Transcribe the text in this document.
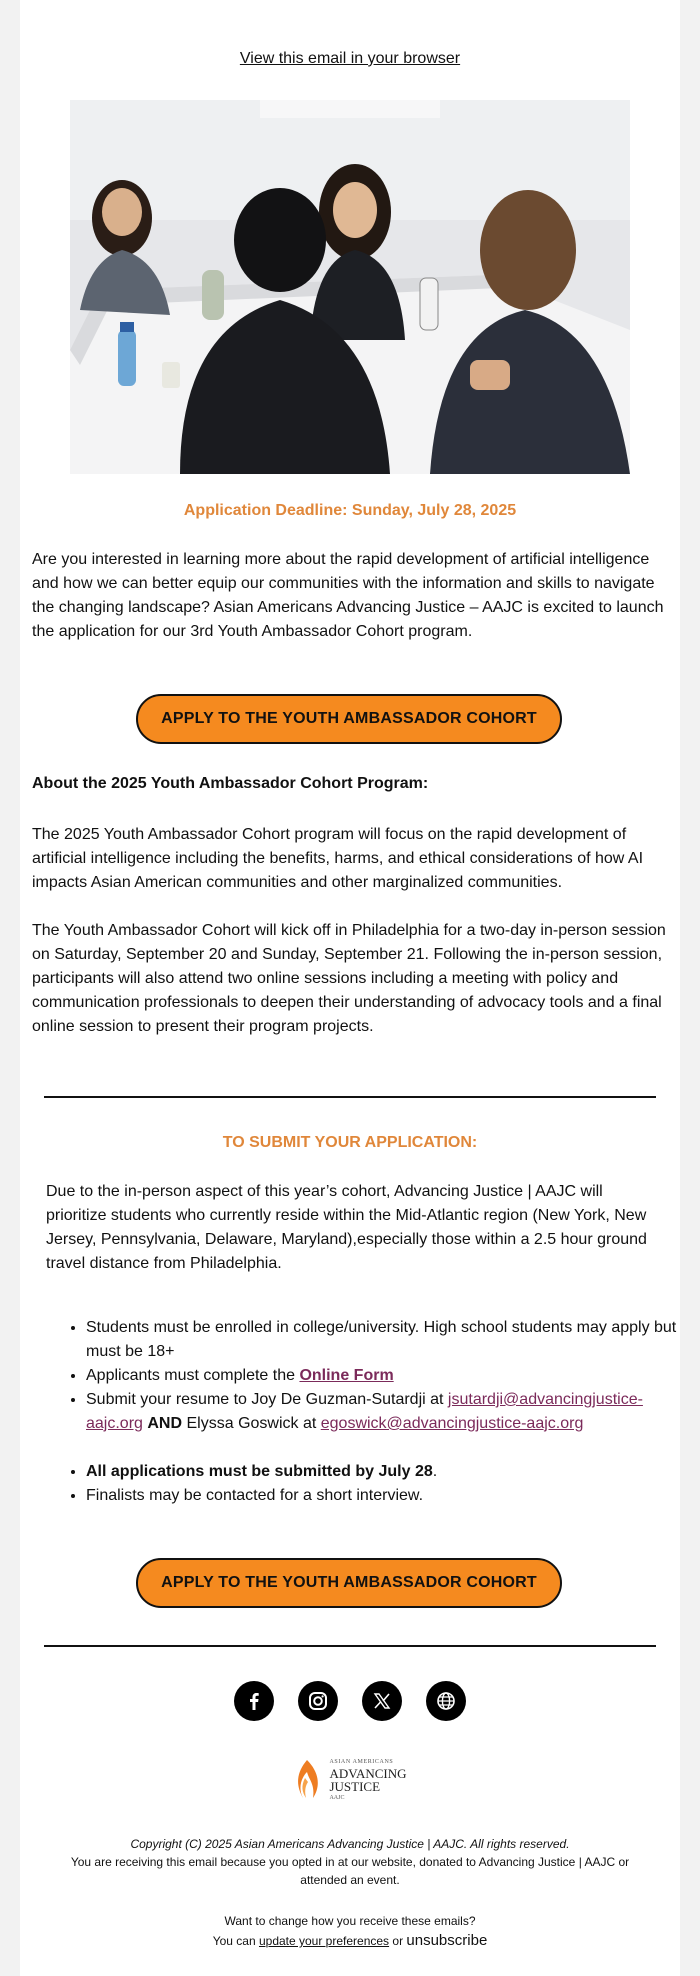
View this email in your browser
Application Deadline: Sunday, July 28, 2025
Are you interested in learning more about the rapid development of artificial intelligence and how we can better equip our communities with the information and skills to navigate the changing landscape? Asian Americans Advancing Justice – AAJC is excited to launch the application for our 3rd Youth Ambassador Cohort program.
APPLY TO THE YOUTH AMBASSADOR COHORT
About the 2025 Youth Ambassador Cohort Program:
The 2025 Youth Ambassador Cohort program will focus on the rapid development of artificial intelligence including the benefits, harms, and ethical considerations of how AI impacts Asian American communities and other marginalized communities.
The Youth Ambassador Cohort will kick off in Philadelphia for a two-day in-person session on Saturday, September 20 and Sunday, September 21. Following the in-person session, participants will also attend two online sessions including a meeting with policy and communication professionals to deepen their understanding of advocacy tools and a final online session to present their program projects.
TO SUBMIT YOUR APPLICATION:
Due to the in-person aspect of this year’s cohort, Advancing Justice | AAJC will prioritize students who currently reside within the Mid-Atlantic region (New York, New Jersey, Pennsylvania, Delaware, Maryland),especially those within a 2.5 hour ground travel distance from Philadelphia.
• Students must be enrolled in college/university. High school students may apply but must be 18+
• Applicants must complete the Online Form
• Submit your resume to Joy De Guzman-Sutardji at jsutardji@advancingjustice-aajc.org AND Elyssa Goswick at egoswick@advancingjustice-aajc.org
• All applications must be submitted by July 28.
• Finalists may be contacted for a short interview.
APPLY TO THE YOUTH AMBASSADOR COHORT
ASIAN AMERICANS
ADVANCING
JUSTICE
AAJC
Copyright (C) 2025 Asian Americans Advancing Justice | AAJC. All rights reserved.
You are receiving this email because you opted in at our website, donated to Advancing Justice | AAJC or attended an event.
Want to change how you receive these emails?
You can update your preferences or unsubscribe
